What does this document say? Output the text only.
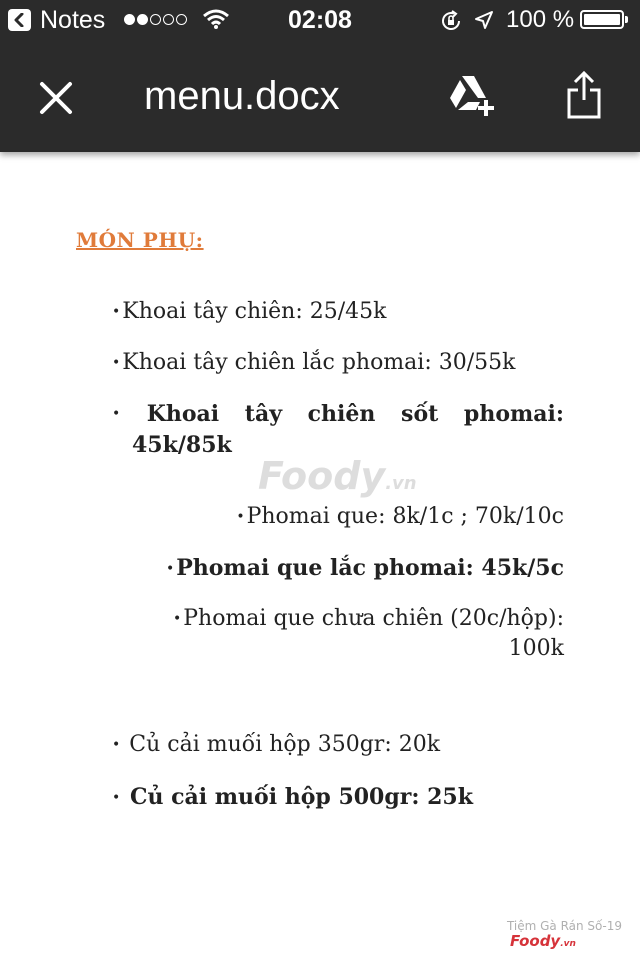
Notes	02:08	100 %
menu.docx
MÓN PHỤ:
•Khoai tây chiên: 25/45k
•Khoai tây chiên lắc phomai: 30/55k
• Khoai tây chiên sốt phomai:
45k/85k
Foody.vn
•Phomai que: 8k/1c ; 70k/10c
•Phomai que lắc phomai: 45k/5c
•Phomai que chưa chiên (20c/hộp):
100k
• Củ cải muối hộp 350gr: 20k
• Củ cải muối hộp 500gr: 25k
Tiệm Gà Rán Số-19
Foody.vn
